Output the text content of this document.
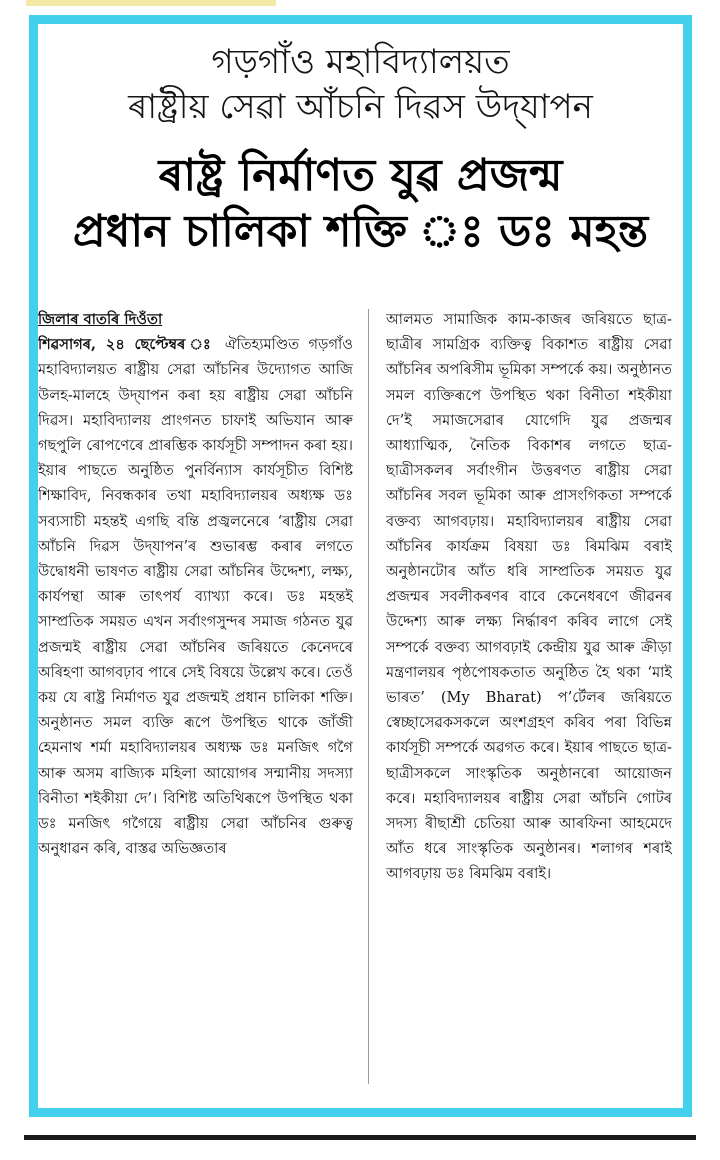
গড়গাঁও মহাবিদ্যালয়ত

ৰাষ্ট্ৰীয় সেৱা আঁচনি দিৱস উদ্‌যাপন

ৰাষ্ট্ৰ নিৰ্মাণত যুৱ প্ৰজন্ম

প্ৰধান চালিকা শক্তি ঃ ডঃ মহন্ত

জিলাৰ বাতৰি দিওঁতা
শিৱসাগৰ, ২৪ ছেপ্টেম্বৰ ঃ ঐতিহ্যমণ্ডিত গড়গাঁও মহাবিদ্যালয়ত ৰাষ্ট্ৰীয় সেৱা আঁচনিৰ উদ্যোগত আজি উলহ-মালহে উদ্‌যাপন কৰা হয় ৰাষ্ট্ৰীয় সেৱা আঁচনি দিৱস। মহাবিদ্যালয় প্ৰাংগনত চাফাই অভিযান আৰু গছপুলি ৰোপণেৰে প্ৰাৰম্ভিক কাৰ্যসূচী সম্পাদন কৰা হয়। ইয়াৰ পাছতে অনুষ্ঠিত পুনৰ্বিন্যাস কাৰ্যসূচীত বিশিষ্ট শিক্ষাবিদ, নিবন্ধকাৰ তথা মহাবিদ্যালয়ৰ অধ্যক্ষ ডঃ সব্যসাচী মহন্তই এগছি বন্তি প্ৰজ্বলনেৰে ‘ৰাষ্ট্ৰীয় সেৱা আঁচনি দিৱস উদ্‌যাপন’ৰ শুভাৰম্ভ কৰাৰ লগতে উদ্বোধনী ভাষণত ৰাষ্ট্ৰীয় সেৱা আঁচনিৰ উদ্দেশ্য, লক্ষ্য, কাৰ্যপন্থা আৰু তাৎপৰ্য ব্যাখ্যা কৰে। ডঃ মহন্তই সাম্প্ৰতিক সময়ত এখন সৰ্বাংগসুন্দৰ সমাজ গঠনত যুৱ প্ৰজন্মই ৰাষ্ট্ৰীয় সেৱা আঁচনিৰ জৰিয়তে কেনেদৰে অৰিহণা আগবঢ়াব পাৰে সেই বিষয়ে উল্লেখ কৰে। তেওঁ কয় যে ৰাষ্ট্ৰ নিৰ্মাণত যুৱ প্ৰজন্মই প্ৰধান চালিকা শক্তি। অনুষ্ঠানত সমল ব্যক্তি ৰূপে উপস্থিত থাকে জাঁজী হেমনাথ শৰ্মা মহাবিদ্যালয়ৰ অধ্যক্ষ ডঃ মনজিৎ গগৈ আৰু অসম ৰাজ্যিক মহিলা আয়োগৰ সন্মানীয় সদস্যা বিনীতা শইকীয়া দে’। বিশিষ্ট অতিথিৰূপে উপস্থিত থকা ডঃ মনজিৎ গগৈয়ে ৰাষ্ট্ৰীয় সেৱা আঁচনিৰ গুৰুত্ব অনুধাৱন কৰি, বাস্তৱ অভিজ্ঞতাৰ

আলমত সামাজিক কাম-কাজৰ জৰিয়তে ছাত্ৰ-ছাত্ৰীৰ সামগ্ৰিক ব্যক্তিত্ব বিকাশত ৰাষ্ট্ৰীয় সেৱা আঁচনিৰ অপৰিসীম ভূমিকা সম্পৰ্কে কয়। অনুষ্ঠানত সমল ব্যক্তিৰূপে উপস্থিত থকা বিনীতা শইকীয়া দে’ই সমাজসেৱাৰ যোগেদি যুৱ প্ৰজন্মৰ আধ্যাত্মিক, নৈতিক বিকাশৰ লগতে ছাত্ৰ-ছাত্ৰীসকলৰ সৰ্বাংগীন উত্তৰণত ৰাষ্ট্ৰীয় সেৱা আঁচনিৰ সবল ভূমিকা আৰু প্ৰাসংগিকতা সম্পৰ্কে বক্তব্য আগবঢ়ায়। মহাবিদ্যালয়ৰ ৰাষ্ট্ৰীয় সেৱা আঁচনিৰ কাৰ্যক্ৰম বিষয়া ডঃ ৰিমঝিম বৰাই অনুষ্ঠানটোৰ আঁত ধৰি সাম্প্ৰতিক সময়ত যুৱ প্ৰজন্মৰ সবলীকৰণৰ বাবে কেনেধৰণে জীৱনৰ উদ্দেশ্য আৰু লক্ষ্য নিৰ্দ্ধাৰণ কৰিব লাগে সেই সম্পৰ্কে বক্তব্য আগবঢ়াই কেন্দ্ৰীয় যুৱ আৰু ক্ৰীড়া মন্ত্ৰণালয়ৰ পৃষ্ঠপোষকতাত অনুষ্ঠিত হৈ থকা ‘মাই ভাৰত’ (My Bharat) প’ৰ্টেলৰ জৰিয়তে স্বেচ্ছাসেৱকসকলে অংশগ্ৰহণ কৰিব পৰা বিভিন্ন কাৰ্যসূচী সম্পৰ্কে অৱগত কৰে। ইয়াৰ পাছতে ছাত্ৰ-ছাত্ৰীসকলে সাংস্কৃতিক অনুষ্ঠানৰো আয়োজন কৰে। মহাবিদ্যালয়ৰ ৰাষ্ট্ৰীয় সেৱা আঁচনি গোটৰ সদস্য ৰীছাশ্ৰী চেতিয়া আৰু আৰফিনা আহমেদে আঁত ধৰে সাংস্কৃতিক অনুষ্ঠানৰ। শলাগৰ শৰাই আগবঢ়ায় ডঃ ৰিমঝিম বৰাই।
